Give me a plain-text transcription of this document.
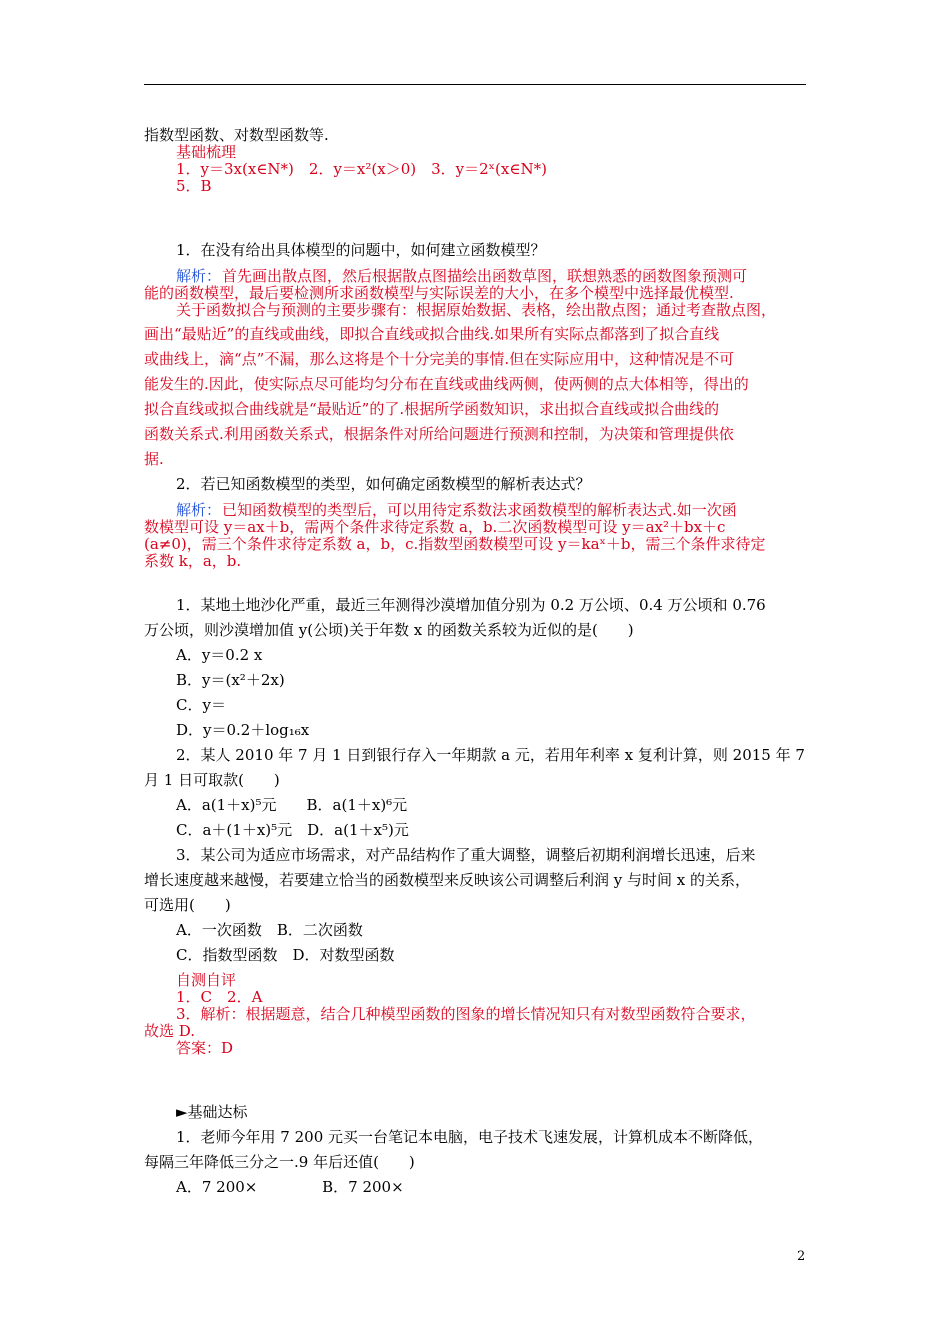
指数型函数、对数型函数等.
基础梳理
1．y＝3x(x∈N*)　2．y＝x²(x＞0)　3．y＝2ˣ(x∈N*)
5．B
1．在没有给出具体模型的问题中，如何建立函数模型？
解析： 首先画出散点图，然后根据散点图描绘出函数草图，联想熟悉的函数图象预测可
能的函数模型，最后要检测所求函数模型与实际误差的大小，在多个模型中选择最优模型.
关于函数拟合与预测的主要步骤有：根据原始数据、表格，绘出散点图；通过考查散点图，
画出“最贴近”的直线或曲线，即拟合直线或拟合曲线.如果所有实际点都落到了拟合直线
或曲线上，滴“点”不漏，那么这将是个十分完美的事情.但在实际应用中，这种情况是不可
能发生的.因此，使实际点尽可能均匀分布在直线或曲线两侧，使两侧的点大体相等，得出的
拟合直线或拟合曲线就是“最贴近”的了.根据所学函数知识，求出拟合直线或拟合曲线的
函数关系式.利用函数关系式，根据条件对所给问题进行预测和控制，为决策和管理提供依
据.
2．若已知函数模型的类型，如何确定函数模型的解析表达式？
解析： 已知函数模型的类型后，可以用待定系数法求函数模型的解析表达式.如一次函
数模型可设 y＝ax＋b，需两个条件求待定系数 a，b.二次函数模型可设 y＝ax²＋bx＋c
(a≠0)，需三个条件求待定系数 a，b，c.指数型函数模型可设 y＝kaˣ＋b，需三个条件求待定
系数 k，a，b.
1．某地土地沙化严重，最近三年测得沙漠增加值分别为 0.2 万公顷、0.4 万公顷和 0.76
万公顷，则沙漠增加值 y(公顷)关于年数 x 的函数关系较为近似的是(　　)
A．y＝0.2 x
B．y＝(x²＋2x)
C．y＝
D．y＝0.2＋log₁₆x
2．某人 2010 年 7 月 1 日到银行存入一年期款 a 元，若用年利率 x 复利计算，则 2015 年 7
月 1 日可取款(　　)
A．a(1＋x)⁵元　　B．a(1＋x)⁶元
C．a＋(1＋x)⁵元　D．a(1＋x⁵)元
3．某公司为适应市场需求，对产品结构作了重大调整，调整后初期利润增长迅速，后来
增长速度越来越慢，若要建立恰当的函数模型来反映该公司调整后利润 y 与时间 x 的关系，
可选用(　　)
A．一次函数　B．二次函数
C．指数型函数　D．对数型函数
自测自评
1．C　2．A
3．解析：根据题意，结合几种模型函数的图象的增长情况知只有对数型函数符合要求，
故选 D.
答案：D
►基础达标
1．老师今年用 7 200 元买一台笔记本电脑，电子技术飞速发展，计算机成本不断降低，
每隔三年降低三分之一.9 年后还值(　　)
A．7 200×　　　　 B．7 200×
2
